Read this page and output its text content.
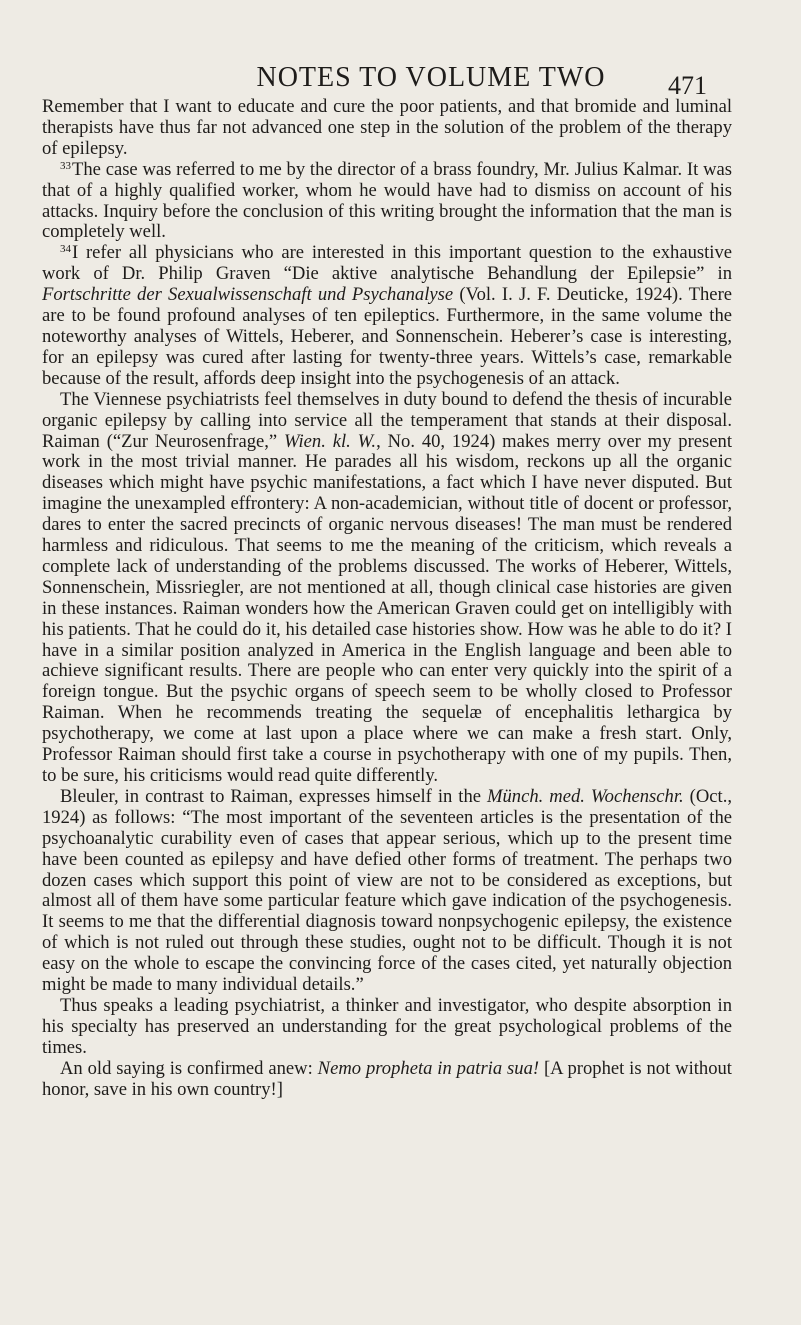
NOTES TO VOLUME TWO	471

Remember that I want to educate and cure the poor patients, and that bromide and luminal therapists have thus far not advanced one step in the solution of the problem of the therapy of epilepsy.

$^{33}$The case was referred to me by the director of a brass foundry, Mr. Julius Kalmar. It was that of a highly qualified worker, whom he would have had to dismiss on account of his attacks. Inquiry before the conclusion of this writing brought the information that the man is completely well.

$^{34}$I refer all physicians who are interested in this important question to the exhaustive work of Dr. Philip Graven “Die aktive analytische Behandlung der Epilepsie” in Fortschritte der Sexualwissenschaft und Psychanalyse (Vol. I. J. F. Deuticke, 1924). There are to be found profound analyses of ten epileptics. Furthermore, in the same volume the noteworthy analyses of Wittels, Heberer, and Sonnenschein. Heberer’s case is interesting, for an epilepsy was cured after lasting for twenty-three years. Wittels’s case, remarkable because of the result, affords deep insight into the psychogenesis of an attack.

The Viennese psychiatrists feel themselves in duty bound to defend the thesis of incurable organic epilepsy by calling into service all the temperament that stands at their disposal. Raiman (“Zur Neurosenfrage,” Wien. kl. W., No. 40, 1924) makes merry over my present work in the most trivial manner. He parades all his wisdom, reckons up all the organic diseases which might have psychic manifestations, a fact which I have never disputed. But imagine the unexampled effrontery: A non-academician, without title of docent or professor, dares to enter the sacred precincts of organic nervous diseases! The man must be rendered harmless and ridiculous. That seems to me the meaning of the criticism, which reveals a complete lack of understanding of the problems discussed. The works of Heberer, Wittels, Sonnenschein, Missriegler, are not mentioned at all, though clinical case histories are given in these instances. Raiman wonders how the American Graven could get on intelligibly with his patients. That he could do it, his detailed case histories show. How was he able to do it? I have in a similar position analyzed in America in the English language and been able to achieve significant results. There are people who can enter very quickly into the spirit of a foreign tongue. But the psychic organs of speech seem to be wholly closed to Professor Raiman. When he recommends treating the sequelæ of encephalitis lethargica by psychotherapy, we come at last upon a place where we can make a fresh start. Only, Professor Raiman should first take a course in psychotherapy with one of my pupils. Then, to be sure, his criticisms would read quite differently.

Bleuler, in contrast to Raiman, expresses himself in the Münch. med. Wochenschr. (Oct., 1924) as follows: “The most important of the seventeen articles is the presentation of the psychoanalytic curability even of cases that appear serious, which up to the present time have been counted as epilepsy and have defied other forms of treatment. The perhaps two dozen cases which support this point of view are not to be considered as exceptions, but almost all of them have some particular feature which gave indication of the psychogenesis. It seems to me that the differential diagnosis toward nonpsychogenic epilepsy, the existence of which is not ruled out through these studies, ought not to be difficult. Though it is not easy on the whole to escape the convincing force of the cases cited, yet naturally objection might be made to many individual details.”

Thus speaks a leading psychiatrist, a thinker and investigator, who despite absorption in his specialty has preserved an understanding for the great psychological problems of the times.

An old saying is confirmed anew: Nemo propheta in patria sua! [A prophet is not without honor, save in his own country!]
